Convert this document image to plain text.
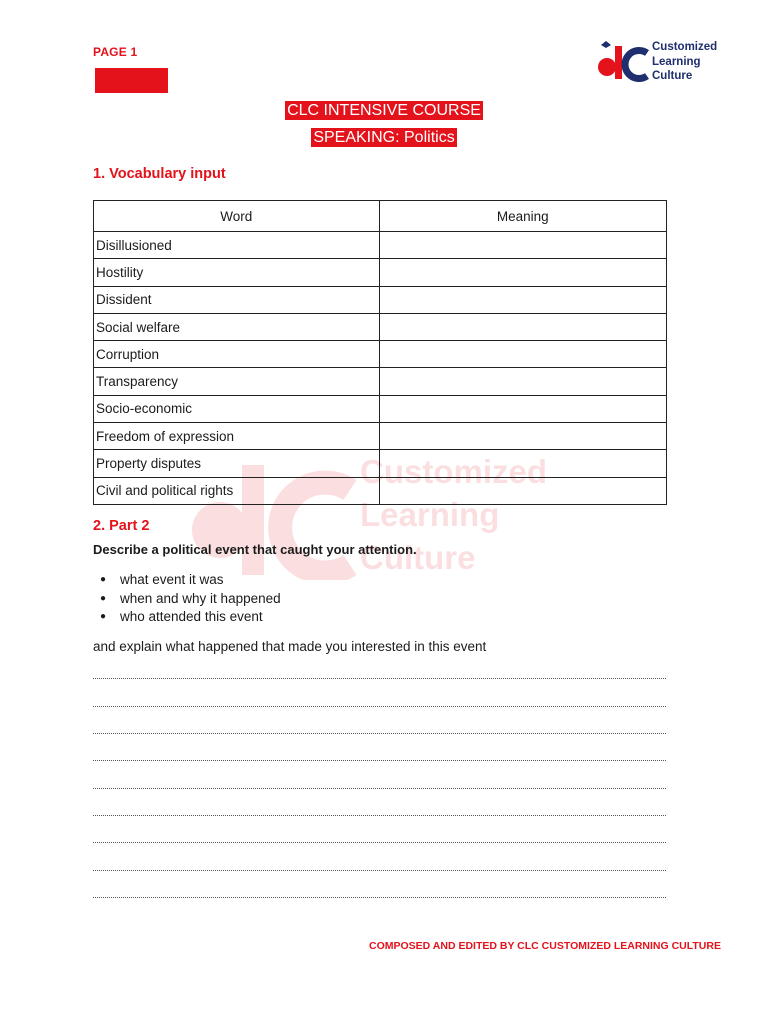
Customized
Learning
Culture
PAGE 1	Customized
Learning
Culture
CLC INTENSIVE COURSE
SPEAKING: Politics
1. Vocabulary input
Word	Meaning
Disillusioned	
Hostility	
Dissident	
Social welfare	
Corruption	
Transparency	
Socio-economic	
Freedom of expression	
Property disputes	
Civil and political rights	
2. Part 2
Describe a political event that caught your attention.
● what event it was
● when and why it happened
● who attended this event
and explain what happened that made you interested in this event
COMPOSED AND EDITED BY CLC CUSTOMIZED LEARNING CULTURE
